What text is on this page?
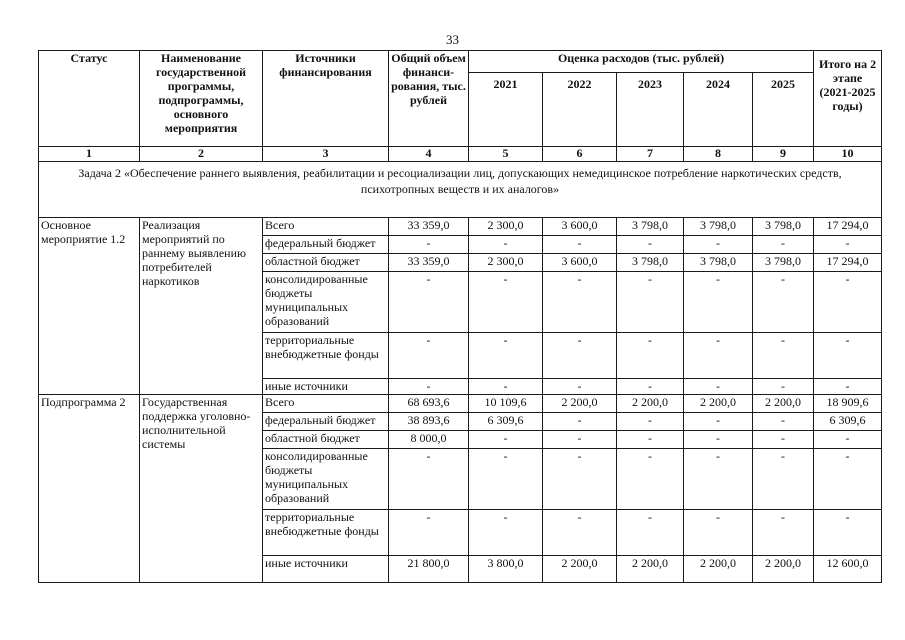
33
Статус	Наименование государственной программы, подпрограммы, основного мероприятия	Источники финансирования	Общий объем финанси-рования, тыс. рублей	Оценка расходов (тыс. рублей)					Итого на 2 этапе (2021-2025 годы)
				2021	2022	2023	2024	2025	
1	2	3	4	5	6	7	8	9	10
Задача 2 «Обеспечение раннего выявления, реабилитации и ресоциализации лиц, допускающих немедицинское потребление наркотических средств, психотропных веществ и их аналогов»									
Основное мероприятие 1.2	Реализация мероприятий по раннему выявлению потребителей наркотиков	Всего	33 359,0	2 300,0	3 600,0	3 798,0	3 798,0	3 798,0	17 294,0
		федеральный бюджет	-	-	-	-	-	-	-
		областной бюджет	33 359,0	2 300,0	3 600,0	3 798,0	3 798,0	3 798,0	17 294,0
		консолидированные бюджеты муниципальных образований	-	-	-	-	-	-	-
		территориальные внебюджетные фонды	-	-	-	-	-	-	-
		иные источники	-	-	-	-	-	-	-
Подпрограмма 2	Государственная поддержка уголовно-исполнительной системы	Всего	68 693,6	10 109,6	2 200,0	2 200,0	2 200,0	2 200,0	18 909,6
		федеральный бюджет	38 893,6	6 309,6	-	-	-	-	6 309,6
		областной бюджет	8 000,0	-	-	-	-	-	-
		консолидированные бюджеты муниципальных образований	-	-	-	-	-	-	-
		территориальные внебюджетные фонды	-	-	-	-	-	-	-
		иные источники	21 800,0	3 800,0	2 200,0	2 200,0	2 200,0	2 200,0	12 600,0
